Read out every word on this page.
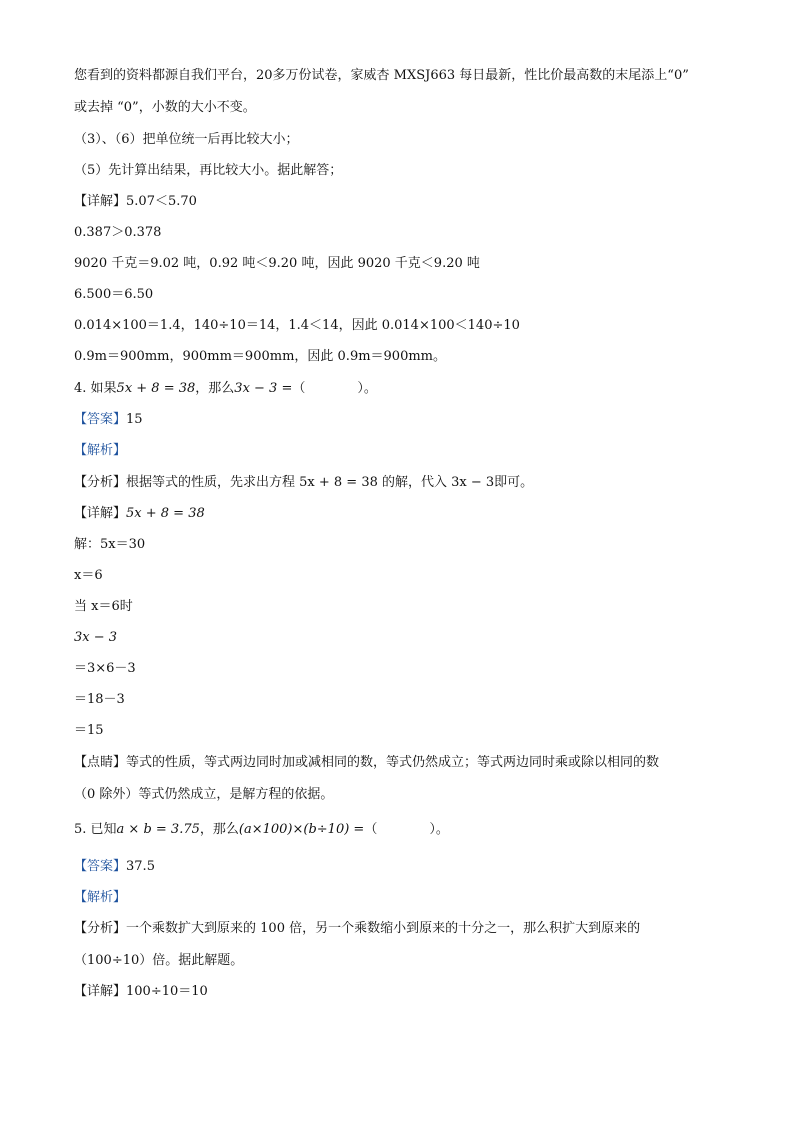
您看到的资料都源自我们平台，20多万份试卷，家威杏 MXSJ663 每日最新，性比价最高数的末尾添上“0”
或去掉 “0”，小数的大小不变。
（3）、（6）把单位统一后再比较大小；
（5）先计算出结果，再比较大小。据此解答；
【详解】5.07＜5.70
0.387＞0.378
9020 千克＝9.02 吨，0.92 吨＜9.20 吨，因此 9020 千克＜9.20 吨
6.500＝6.50
0.014×100＝1.4，140÷10＝14，1.4＜14，因此 0.014×100＜140÷10
0.9m＝900mm，900mm＝900mm，因此 0.9m＝900mm。
4. 如果5x + 8 = 38，那么3x − 3 =（	）。
【答案】15
【解析】
【分析】根据等式的性质，先求出方程 5x + 8 = 38 的解，代入 3x − 3即可。
【详解】5x + 8 = 38
解：5x＝30
x＝6
当 x＝6时
3x − 3
＝3×6－3
＝18－3
＝15
【点睛】等式的性质，等式两边同时加或减相同的数，等式仍然成立；等式两边同时乘或除以相同的数
（0 除外）等式仍然成立，是解方程的依据。
5. 已知a × b = 3.75，那么(a×100)×(b÷10) =（	）。
【答案】37.5
【解析】
【分析】一个乘数扩大到原来的 100 倍，另一个乘数缩小到原来的十分之一，那么积扩大到原来的
（100÷10）倍。据此解题。
【详解】100÷10＝10
